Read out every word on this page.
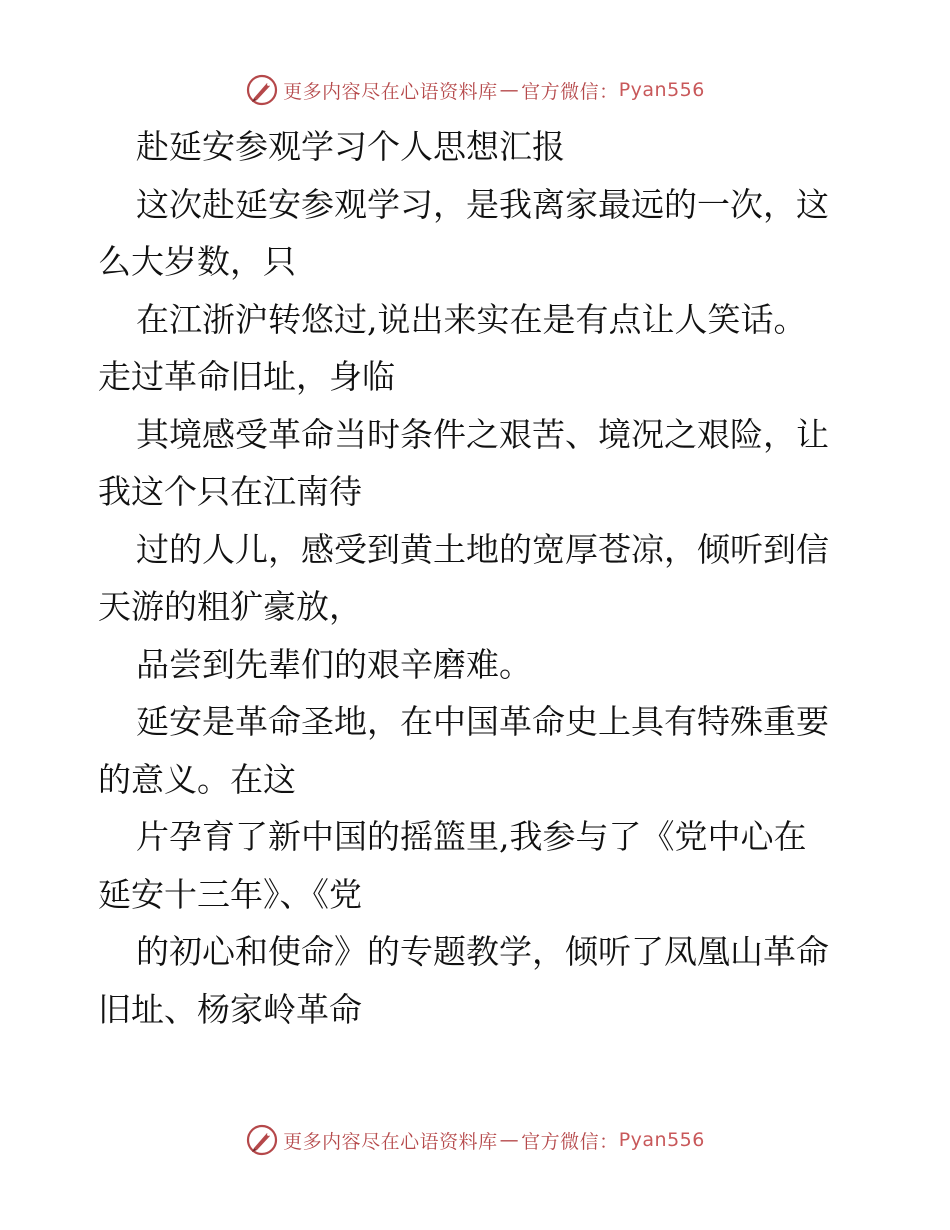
更多内容尽在心语资料库 — 官方微信： Pyan556
赴延安参观学习个人思想汇报
这次赴延安参观学习，是我离家最远的一次，这
么大岁数，只
在江浙沪转悠过,说出来实在是有点让人笑话。
走过革命旧址，身临
其境感受革命当时条件之艰苦、境况之艰险，让
我这个只在江南待
过的人儿，感受到黄土地的宽厚苍凉，倾听到信
天游的粗犷豪放，
品尝到先辈们的艰辛磨难。
延安是革命圣地，在中国革命史上具有特殊重要
的意义。在这
片孕育了新中国的摇篮里,我参与了《党中心在
延安十三年》、《党
的初心和使命》的专题教学，倾听了凤凰山革命
旧址、杨家岭革命
更多内容尽在心语资料库 — 官方微信： Pyan556
